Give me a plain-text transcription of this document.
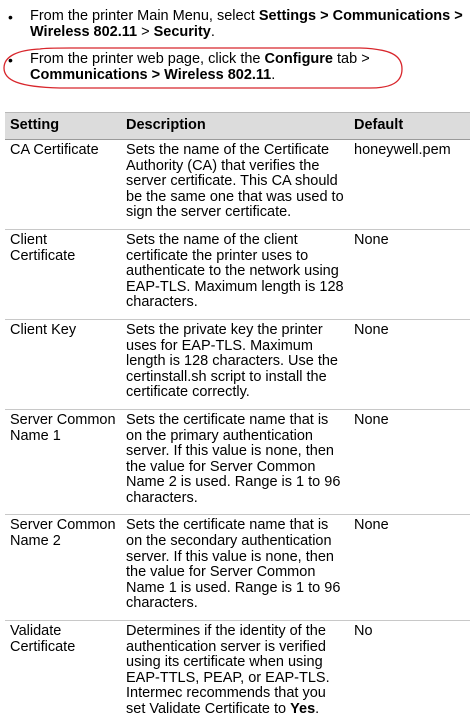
•	From the printer Main Menu, select Settings > Communications > Wireless 802.11 > Security.
•	From the printer web page, click the Configure tab > Communications > Wireless 802.11.
Setting	Description	Default
CA Certificate	Sets the name of the Certificate Authority (CA) that verifies the server certificate. This CA should be the same one that was used to sign the server certificate.	honeywell.pem
Client Certificate	Sets the name of the client certificate the printer uses to authenticate to the network using EAP-TLS. Maximum length is 128 characters.	None
Client Key	Sets the private key the printer uses for EAP-TLS. Maximum length is 128 characters. Use the certinstall.sh script to install the certificate correctly.	None
Server Common Name 1	Sets the certificate name that is on the primary authentication server. If this value is none, then the value for Server Common Name 2 is used. Range is 1 to 96 characters.	None
Server Common Name 2	Sets the certificate name that is on the secondary authentication server. If this value is none, then the value for Server Common Name 1 is used. Range is 1 to 96 characters.	None
Validate Certificate	Determines if the identity of the authentication server is verified using its certificate when using EAP-TTLS, PEAP, or EAP-TLS. Intermec recommends that you set Validate Certificate to Yes.	No
